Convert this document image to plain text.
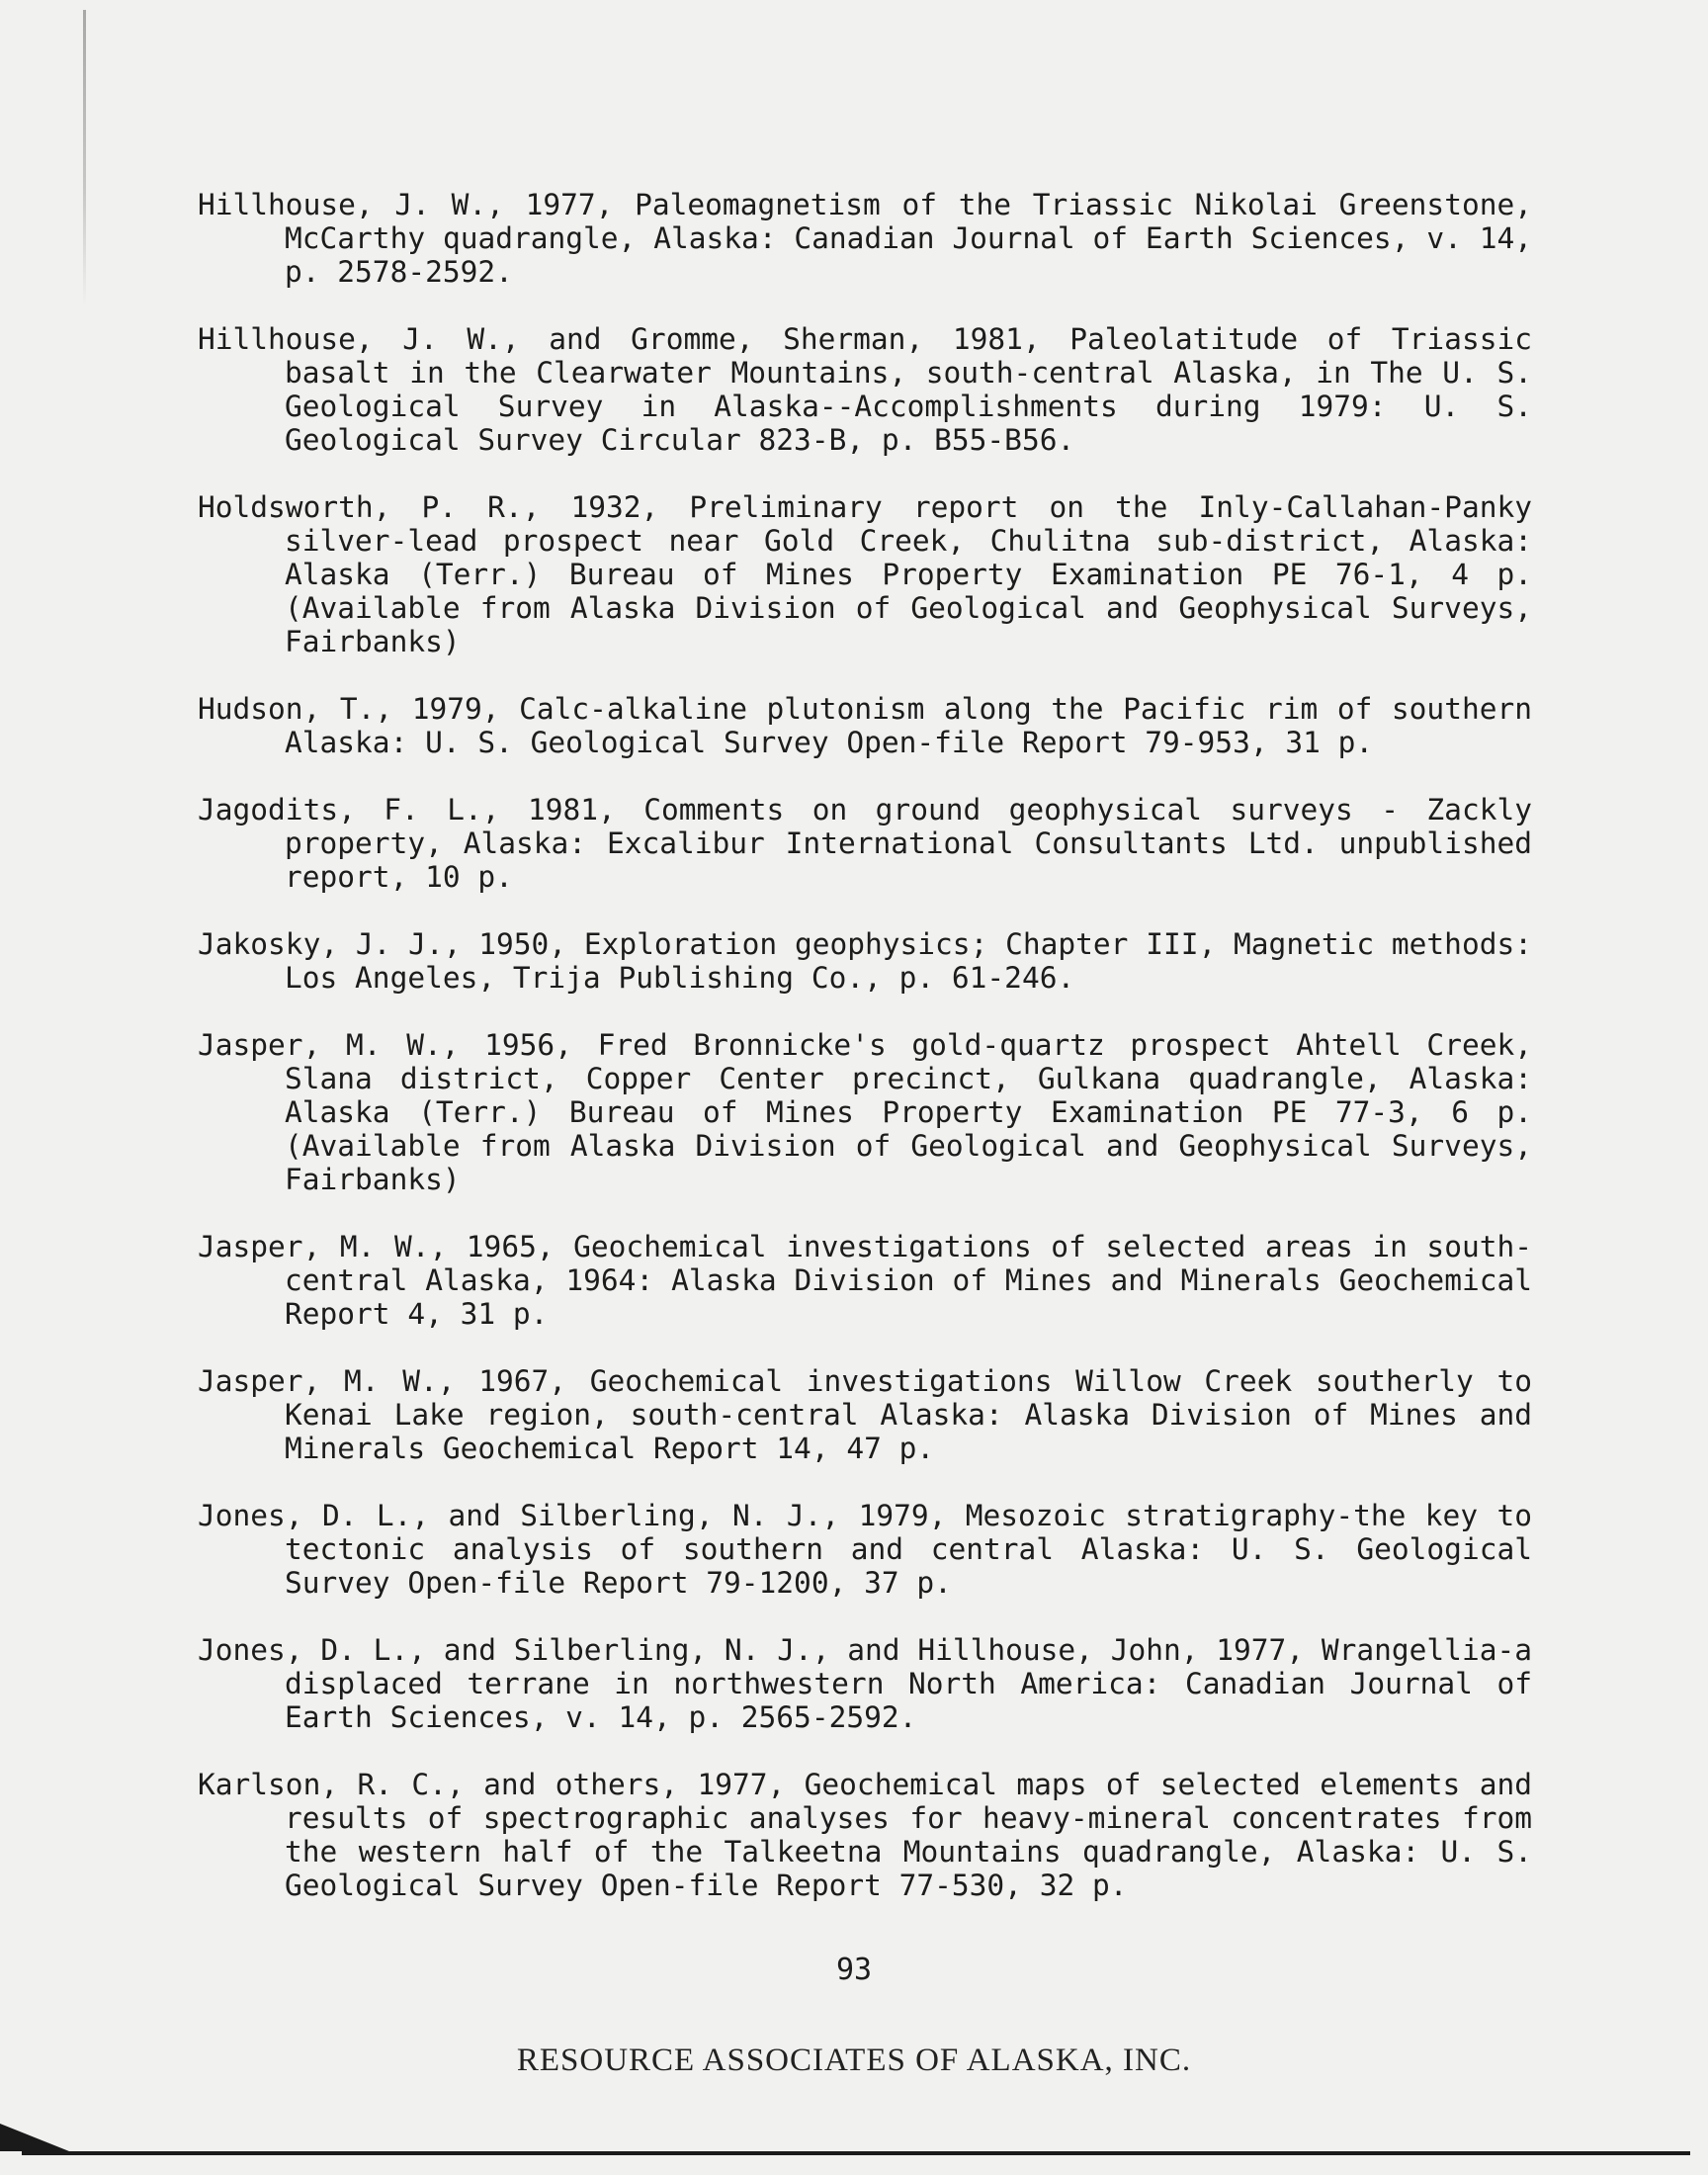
Hillhouse, J. W., 1977, Paleomagnetism of the Triassic Nikolai Greenstone, McCarthy quadrangle, Alaska: Canadian Journal of Earth Sciences, v. 14, p. 2578-2592.

Hillhouse, J. W., and Gromme, Sherman, 1981, Paleolatitude of Triassic basalt in the Clearwater Mountains, south-central Alaska, in The U. S. Geological Survey in Alaska--Accomplishments during 1979: U. S. Geological Survey Circular 823-B, p. B55-B56.

Holdsworth, P. R., 1932, Preliminary report on the Inly-Callahan-Panky silver-lead prospect near Gold Creek, Chulitna sub-district, Alaska: Alaska (Terr.) Bureau of Mines Property Examination PE 76-1, 4 p. (Available from Alaska Division of Geological and Geophysical Surveys, Fairbanks)

Hudson, T., 1979, Calc-alkaline plutonism along the Pacific rim of southern Alaska: U. S. Geological Survey Open-file Report 79-953, 31 p.

Jagodits, F. L., 1981, Comments on ground geophysical surveys - Zackly property, Alaska: Excalibur International Consultants Ltd. unpublished report, 10 p.

Jakosky, J. J., 1950, Exploration geophysics; Chapter III, Magnetic methods: Los Angeles, Trija Publishing Co., p. 61-246.

Jasper, M. W., 1956, Fred Bronnicke's gold-quartz prospect Ahtell Creek, Slana district, Copper Center precinct, Gulkana quadrangle, Alaska: Alaska (Terr.) Bureau of Mines Property Examination PE 77-3, 6 p. (Available from Alaska Division of Geological and Geophysical Surveys, Fairbanks)

Jasper, M. W., 1965, Geochemical investigations of selected areas in south-central Alaska, 1964: Alaska Division of Mines and Minerals Geochemical Report 4, 31 p.

Jasper, M. W., 1967, Geochemical investigations Willow Creek southerly to Kenai Lake region, south-central Alaska: Alaska Division of Mines and Minerals Geochemical Report 14, 47 p.

Jones, D. L., and Silberling, N. J., 1979, Mesozoic stratigraphy-the key to tectonic analysis of southern and central Alaska: U. S. Geological Survey Open-file Report 79-1200, 37 p.

Jones, D. L., and Silberling, N. J., and Hillhouse, John, 1977, Wrangellia-a displaced terrane in northwestern North America: Canadian Journal of Earth Sciences, v. 14, p. 2565-2592.

Karlson, R. C., and others, 1977, Geochemical maps of selected elements and results of spectrographic analyses for heavy-mineral concentrates from the western half of the Talkeetna Mountains quadrangle, Alaska: U. S. Geological Survey Open-file Report 77-530, 32 p.

93
RESOURCE ASSOCIATES OF ALASKA, INC.
